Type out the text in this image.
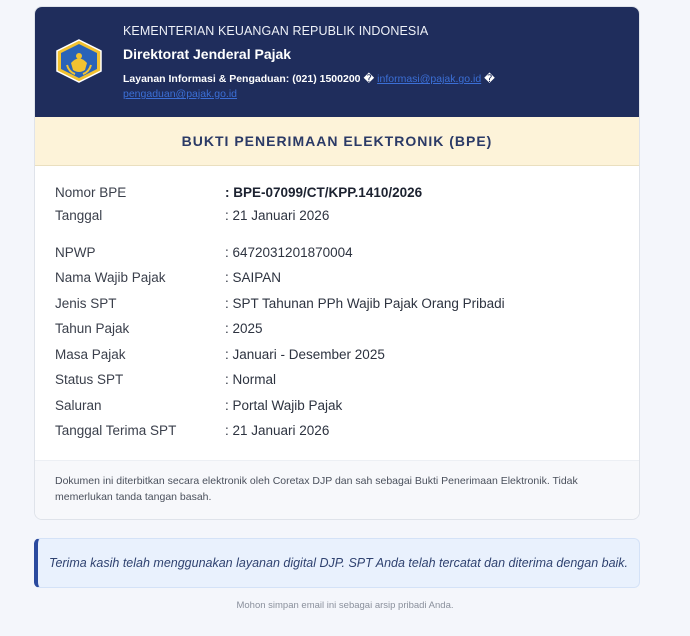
KEMENTERIAN KEUANGAN REPUBLIK INDONESIA
Direktorat Jenderal Pajak
Layanan Informasi & Pengaduan: (021) 1500200 � informasi@pajak.go.id �
pengaduan@pajak.go.id
BUKTI PENERIMAAN ELEKTRONIK (BPE)
Nomor BPE	: BPE-07099/CT/KPP.1410/2026
Tanggal	: 21 Januari 2026
NPWP	: 6472031201870004
Nama Wajib Pajak	: SAIPAN
Jenis SPT	: SPT Tahunan PPh Wajib Pajak Orang Pribadi
Tahun Pajak	: 2025
Masa Pajak	: Januari - Desember 2025
Status SPT	: Normal
Saluran	: Portal Wajib Pajak
Tanggal Terima SPT	: 21 Januari 2026

Dokumen ini diterbitkan secara elektronik oleh Coretax DJP dan sah sebagai Bukti Penerimaan Elektronik. Tidak memerlukan tanda tangan basah.

Terima kasih telah menggunakan layanan digital DJP. SPT Anda telah tercatat dan diterima dengan baik.

Mohon simpan email ini sebagai arsip pribadi Anda.
